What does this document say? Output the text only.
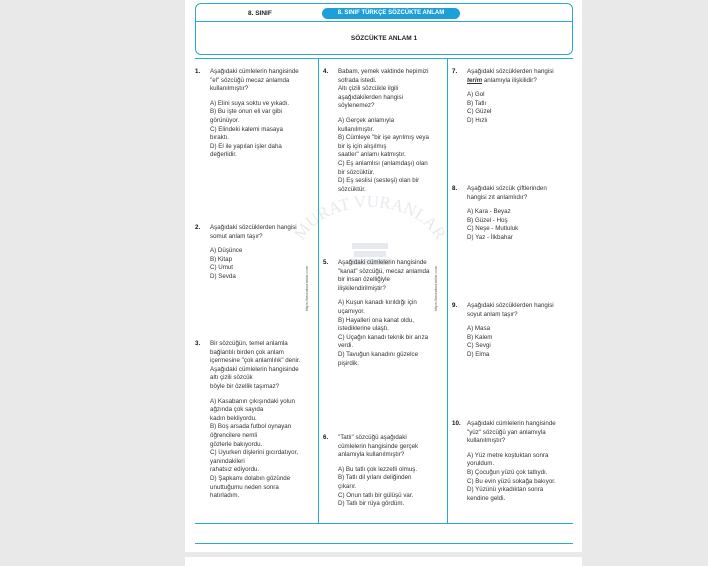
8. SINIF	8. SINIF TÜRKÇE SÖZCÜKTE ANLAM
SÖZCÜKTE ANLAM 1
https://muratvuranlar.com	https://muratvuranlar.com
MURAT VURANLAR
1. Aşağıdaki cümlelerin hangisinde
"el" sözcüğü mecaz anlamda
kullanılmıştır?
A) Elini suya soktu ve yıkadı.
B) Bu işte onun eli var gibi
görünüyor.
C) Elindeki kalemi masaya
bıraktı.
D) El ile yapılan işler daha
değerlidir.
2. Aşağıdaki sözcüklerden hangisi
somut anlam taşır?
A) Düşünce
B) Kitap
C) Umut
D) Sevda
3. Bir sözcüğün, temel anlamla
bağlantılı birden çok anlam
içermesine "çok anlamlılık" denir.
Aşağıdaki cümlelerin hangisinde
altı çizili sözcük
böyle bir özellik taşımaz?
A) Kasabanın çıkışındaki yolun
ağzında çok sayıda
kadın bekliyordu.
B) Boş arsada futbol oynayan
öğrencilere nemli
gözlerle bakıyordu.
C) Uyurken dişlerini gıcırdatıyor,
yanındakileri
rahatsız ediyordu.
D) Şapkamı dolabın gözünde
unuttuğumu neden sonra
hatırladım.
4. Babam, yemek vaktinde hepimizi
sofrada istedi.
Altı çizili sözcükle ilgili
aşağıdakilerden hangisi
söylenemez?
A) Gerçek anlamıyla
kullanılmıştır.
B) Cümleye "bir işe ayrılmış veya
bir iş için alışılmış
saatler" anlamı katmıştır.
C) Eş anlamlısı (anlamdaşı) olan
bir sözcüktür.
D) Eş seslisi (sesteşi) olan bir
sözcüktür.
5. Aşağıdaki cümlelerin hangisinde
"kanat" sözcüğü, mecaz anlamda
bir insan özelliğiyle
ilişkilendirilmiştir?
A) Kuşun kanadı kırıldığı için
uçamıyor.
B) Hayalleri ona kanat oldu,
istediklerine ulaştı.
C) Uçağın kanadı teknik bir arıza
verdi.
D) Tavuğun kanadını güzelce
pişirdik.
6. "Tatlı" sözcüğü aşağıdaki
cümlelerin hangisinde gerçek
anlamıyla kullanılmıştır?
A) Bu tatlı çok lezzetli olmuş.
B) Tatlı dil yılanı deliğinden
çıkarır.
C) Onun tatlı bir gülüşü var.
D) Tatlı bir rüya gördüm.
7. Aşağıdaki sözcüklerden hangisi
terim anlamıyla ilişkilidir?
A) Gol
B) Tatlı
C) Güzel
D) Hızlı
8. Aşağıdaki sözcük çiftlerinden
hangisi zıt anlamlıdır?
A) Kara - Beyaz
B) Güzel - Hoş
C) Neşe - Mutluluk
D) Yaz - İlkbahar
9. Aşağıdaki sözcüklerden hangisi
soyut anlam taşır?
A) Masa
B) Kalem
C) Sevgi
D) Elma
10. Aşağıdaki cümlelerin hangisinde
"yüz" sözcüğü yan anlamıyla
kullanılmıştır?
A) Yüz metre koştuktan sonra
yoruldum.
B) Çocuğun yüzü çok tatlıydı.
C) Bu evin yüzü sokağa bakıyor.
D) Yüzünü yıkadıktan sonra
kendine geldi.
